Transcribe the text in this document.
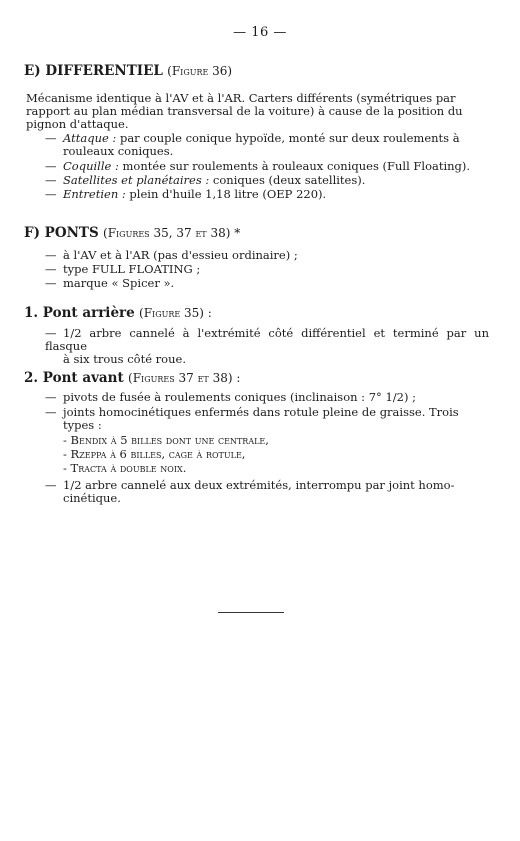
— 16 —
E) DIFFERENTIEL (Figure 36)
Mécanisme identique à l'AV et à l'AR. Carters différents (symétriques par
rapport au plan médian transversal de la voiture) à cause de la position du
pignon d'attaque.
— Attaque : par couple conique hypoïde, monté sur deux roulements à
rouleaux coniques.
— Coquille : montée sur roulements à rouleaux coniques (Full Floating).
— Satellites et planétaires : coniques (deux satellites).
— Entretien : plein d'huile 1,18 litre (OEP 220).
F) PONTS (Figures 35, 37 et 38) *
— à l'AV et à l'AR (pas d'essieu ordinaire) ;
— type FULL FLOATING ;
— marque « Spicer ».
1. Pont arrière (Figure 35) :
— 1/2 arbre cannelé à l'extrémité côté différentiel et terminé par un flasque
à six trous côté roue.
2. Pont avant (Figures 37 et 38) :
— pivots de fusée à roulements coniques (inclinaison : 7° 1/2) ;
— joints homocinétiques enfermés dans rotule pleine de graisse. Trois
types :
- Bendix à 5 billes dont une centrale,
- Rzeppa à 6 billes, cage à rotule,
- Tracta à double noix.
— 1/2 arbre cannelé aux deux extrémités, interrompu par joint homo-
cinétique.
